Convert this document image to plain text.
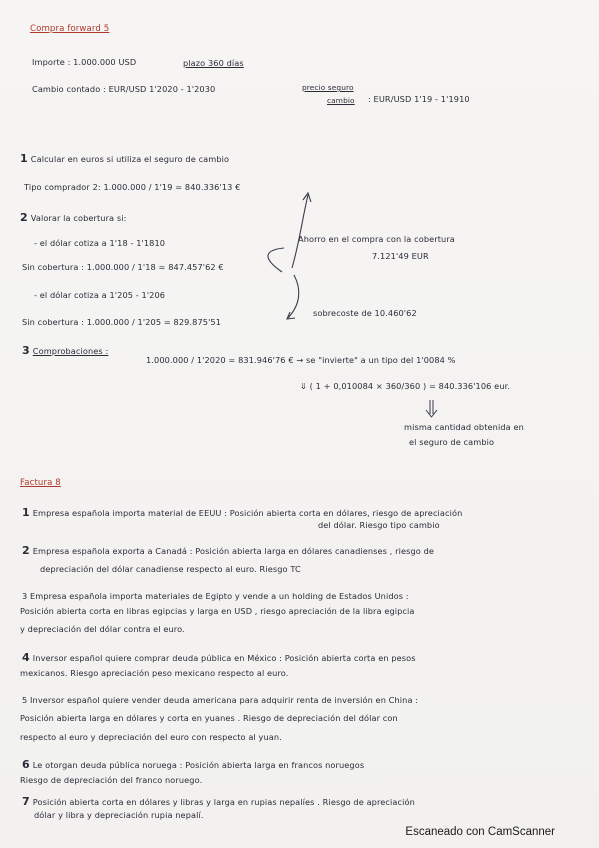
Compra forward 5
Importe : 1.000.000 USD	plazo 360 días
Cambio contado : EUR/USD 1'2020 - 1'2030	precio seguro
cambio : EUR/USD 1'19 - 1'1910
1 Calcular en euros si utiliza el seguro de cambio
Tipo comprador 2: 1.000.000 / 1'19 = 840.336'13 €
2 Valorar la cobertura si:
- el dólar cotiza a 1'18 - 1'1810
Sin cobertura : 1.000.000 / 1'18 = 847.457'62 €
- el dólar cotiza a 1'205 - 1'206
Sin cobertura : 1.000.000 / 1'205 = 829.875'51
Ahorro en el compra con la cobertura
7.121'49 EUR
sobrecoste de 10.460'62
3 Comprobaciones :
1.000.000 / 1'2020 = 831.946'76 € → se "invierte" a un tipo del 1'0084 %
⇓ ( 1 + 0,010084 × 360/360 ) = 840.336'106 eur.
misma cantidad obtenida en
el seguro de cambio
Factura 8
1 Empresa española importa material de EEUU : Posición abierta corta en dólares, riesgo de apreciación
del dólar. Riesgo tipo cambio
2 Empresa española exporta a Canadá : Posición abierta larga en dólares canadienses , riesgo de
depreciación del dólar canadiense respecto al euro. Riesgo TC
3 Empresa española importa materiales de Egipto y vende a un holding de Estados Unidos :
Posición abierta corta en libras egipcias y larga en USD , riesgo apreciación de la libra egipcia
y depreciación del dólar contra el euro.
4 Inversor español quiere comprar deuda pública en México : Posición abierta corta en pesos
mexicanos. Riesgo apreciación peso mexicano respecto al euro.
5 Inversor español quiere vender deuda americana para adquirir renta de inversión en China :
Posición abierta larga en dólares y corta en yuanes . Riesgo de depreciación del dólar con
respecto al euro y depreciación del euro con respecto al yuan.
6 Le otorgan deuda pública noruega : Posición abierta larga en francos noruegos
Riesgo de depreciación del franco noruego.
7 Posición abierta corta en dólares y libras y larga en rupias nepalíes . Riesgo de apreciación
dólar y libra y depreciación rupia nepalí.
Escaneado con CamScanner
